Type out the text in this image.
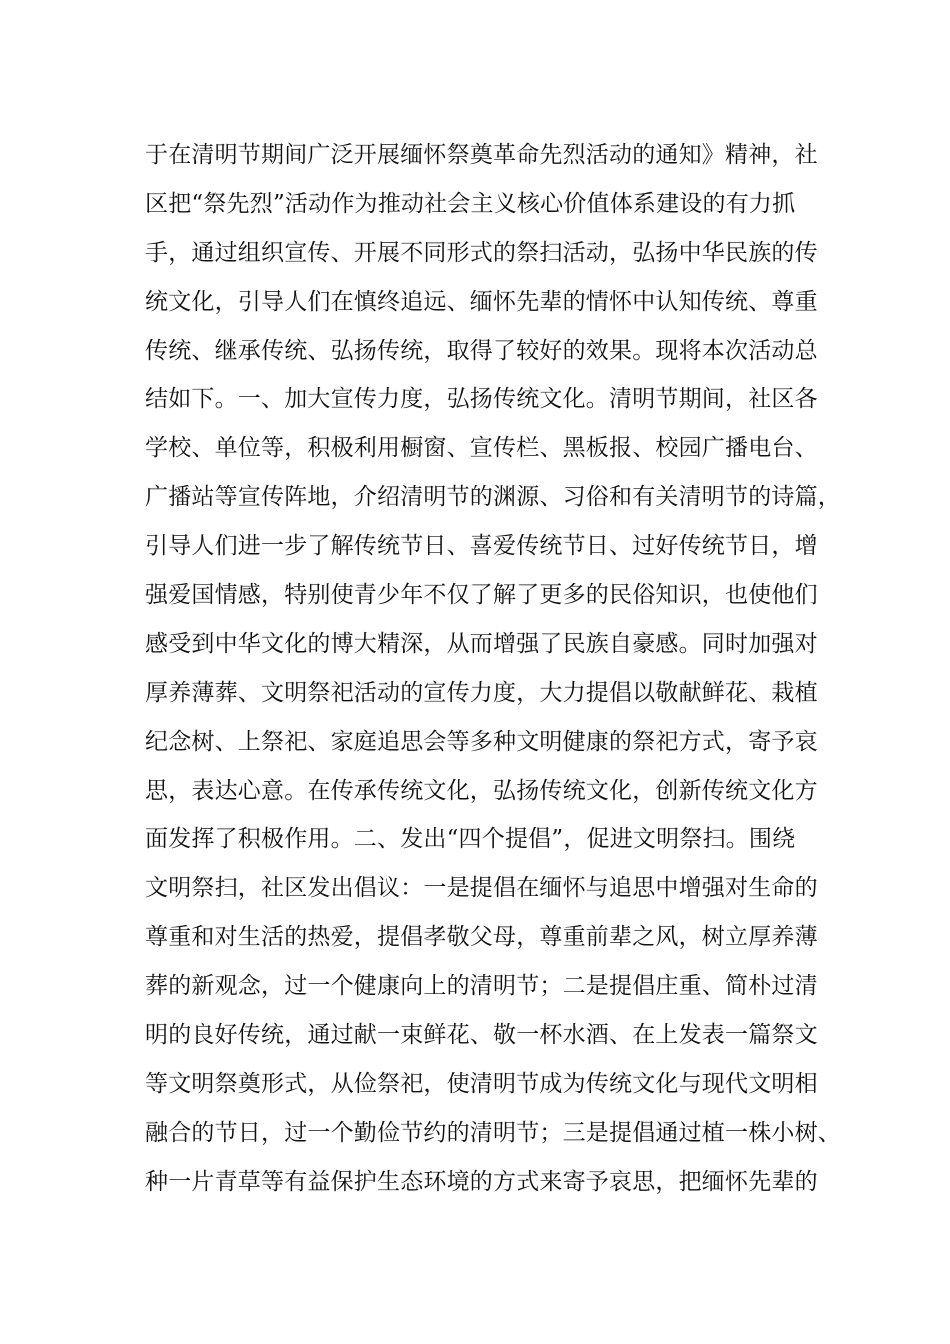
于在清明节期间广泛开展缅怀祭奠革命先烈活动的通知》精神，社
区把“祭先烈”活动作为推动社会主义核心价值体系建设的有力抓
手，通过组织宣传、开展不同形式的祭扫活动，弘扬中华民族的传
统文化，引导人们在慎终追远、缅怀先辈的情怀中认知传统、尊重
传统、继承传统、弘扬传统，取得了较好的效果。现将本次活动总
结如下。一、加大宣传力度，弘扬传统文化。清明节期间，社区各
学校、单位等，积极利用橱窗、宣传栏、黑板报、校园广播电台、
广播站等宣传阵地，介绍清明节的渊源、习俗和有关清明节的诗篇，
引导人们进一步了解传统节日、喜爱传统节日、过好传统节日，增
强爱国情感，特别使青少年不仅了解了更多的民俗知识，也使他们
感受到中华文化的博大精深，从而增强了民族自豪感。同时加强对
厚养薄葬、文明祭祀活动的宣传力度，大力提倡以敬献鲜花、栽植
纪念树、上祭祀、家庭追思会等多种文明健康的祭祀方式，寄予哀
思，表达心意。在传承传统文化，弘扬传统文化，创新传统文化方
面发挥了积极作用。二、发出“四个提倡”，促进文明祭扫。围绕
文明祭扫，社区发出倡议：一是提倡在缅怀与追思中增强对生命的
尊重和对生活的热爱，提倡孝敬父母，尊重前辈之风，树立厚养薄
葬的新观念，过一个健康向上的清明节；二是提倡庄重、简朴过清
明的良好传统，通过献一束鲜花、敬一杯水酒、在上发表一篇祭文
等文明祭奠形式，从俭祭祀，使清明节成为传统文化与现代文明相
融合的节日，过一个勤俭节约的清明节；三是提倡通过植一株小树、
种一片青草等有益保护生态环境的方式来寄予哀思，把缅怀先辈的
